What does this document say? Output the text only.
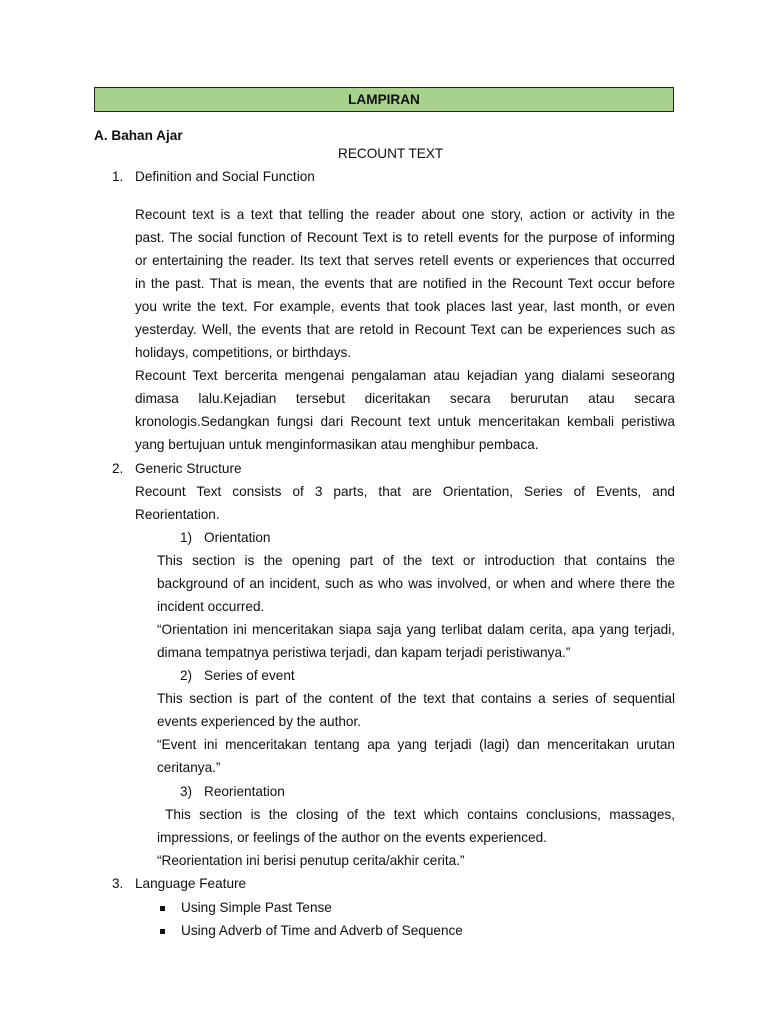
LAMPIRAN
A. Bahan Ajar
RECOUNT TEXT
1. Definition and Social Function
Recount text is a text that telling the reader about one story, action or activity in the
past. The social function of Recount Text is to retell events for the purpose of informing
or entertaining the reader. Its text that serves retell events or experiences that occurred
in the past. That is mean, the events that are notified in the Recount Text occur before
you write the text. For example, events that took places last year, last month, or even
yesterday. Well, the events that are retold in Recount Text can be experiences such as
holidays, competitions, or birthdays.
Recount Text bercerita mengenai pengalaman atau kejadian yang dialami seseorang
dimasa lalu.Kejadian tersebut diceritakan secara berurutan atau secara
kronologis.Sedangkan fungsi dari Recount text untuk menceritakan kembali peristiwa
yang bertujuan untuk menginformasikan atau menghibur pembaca.
2. Generic Structure
Recount Text consists of 3 parts, that are Orientation, Series of Events, and
Reorientation.
1) Orientation
This section is the opening part of the text or introduction that contains the
background of an incident, such as who was involved, or when and where there the
incident occurred.
“Orientation ini menceritakan siapa saja yang terlibat dalam cerita, apa yang terjadi,
dimana tempatnya peristiwa terjadi, dan kapam terjadi peristiwanya.”
2) Series of event
This section is part of the content of the text that contains a series of sequential
events experienced by the author.
“Event ini menceritakan tentang apa yang terjadi (lagi) dan menceritakan urutan
ceritanya.”
3) Reorientation
This section is the closing of the text which contains conclusions, massages,
impressions, or feelings of the author on the events experienced.
“Reorientation ini berisi penutup cerita/akhir cerita.”
3. Language Feature
Using Simple Past Tense
Using Adverb of Time and Adverb of Sequence
